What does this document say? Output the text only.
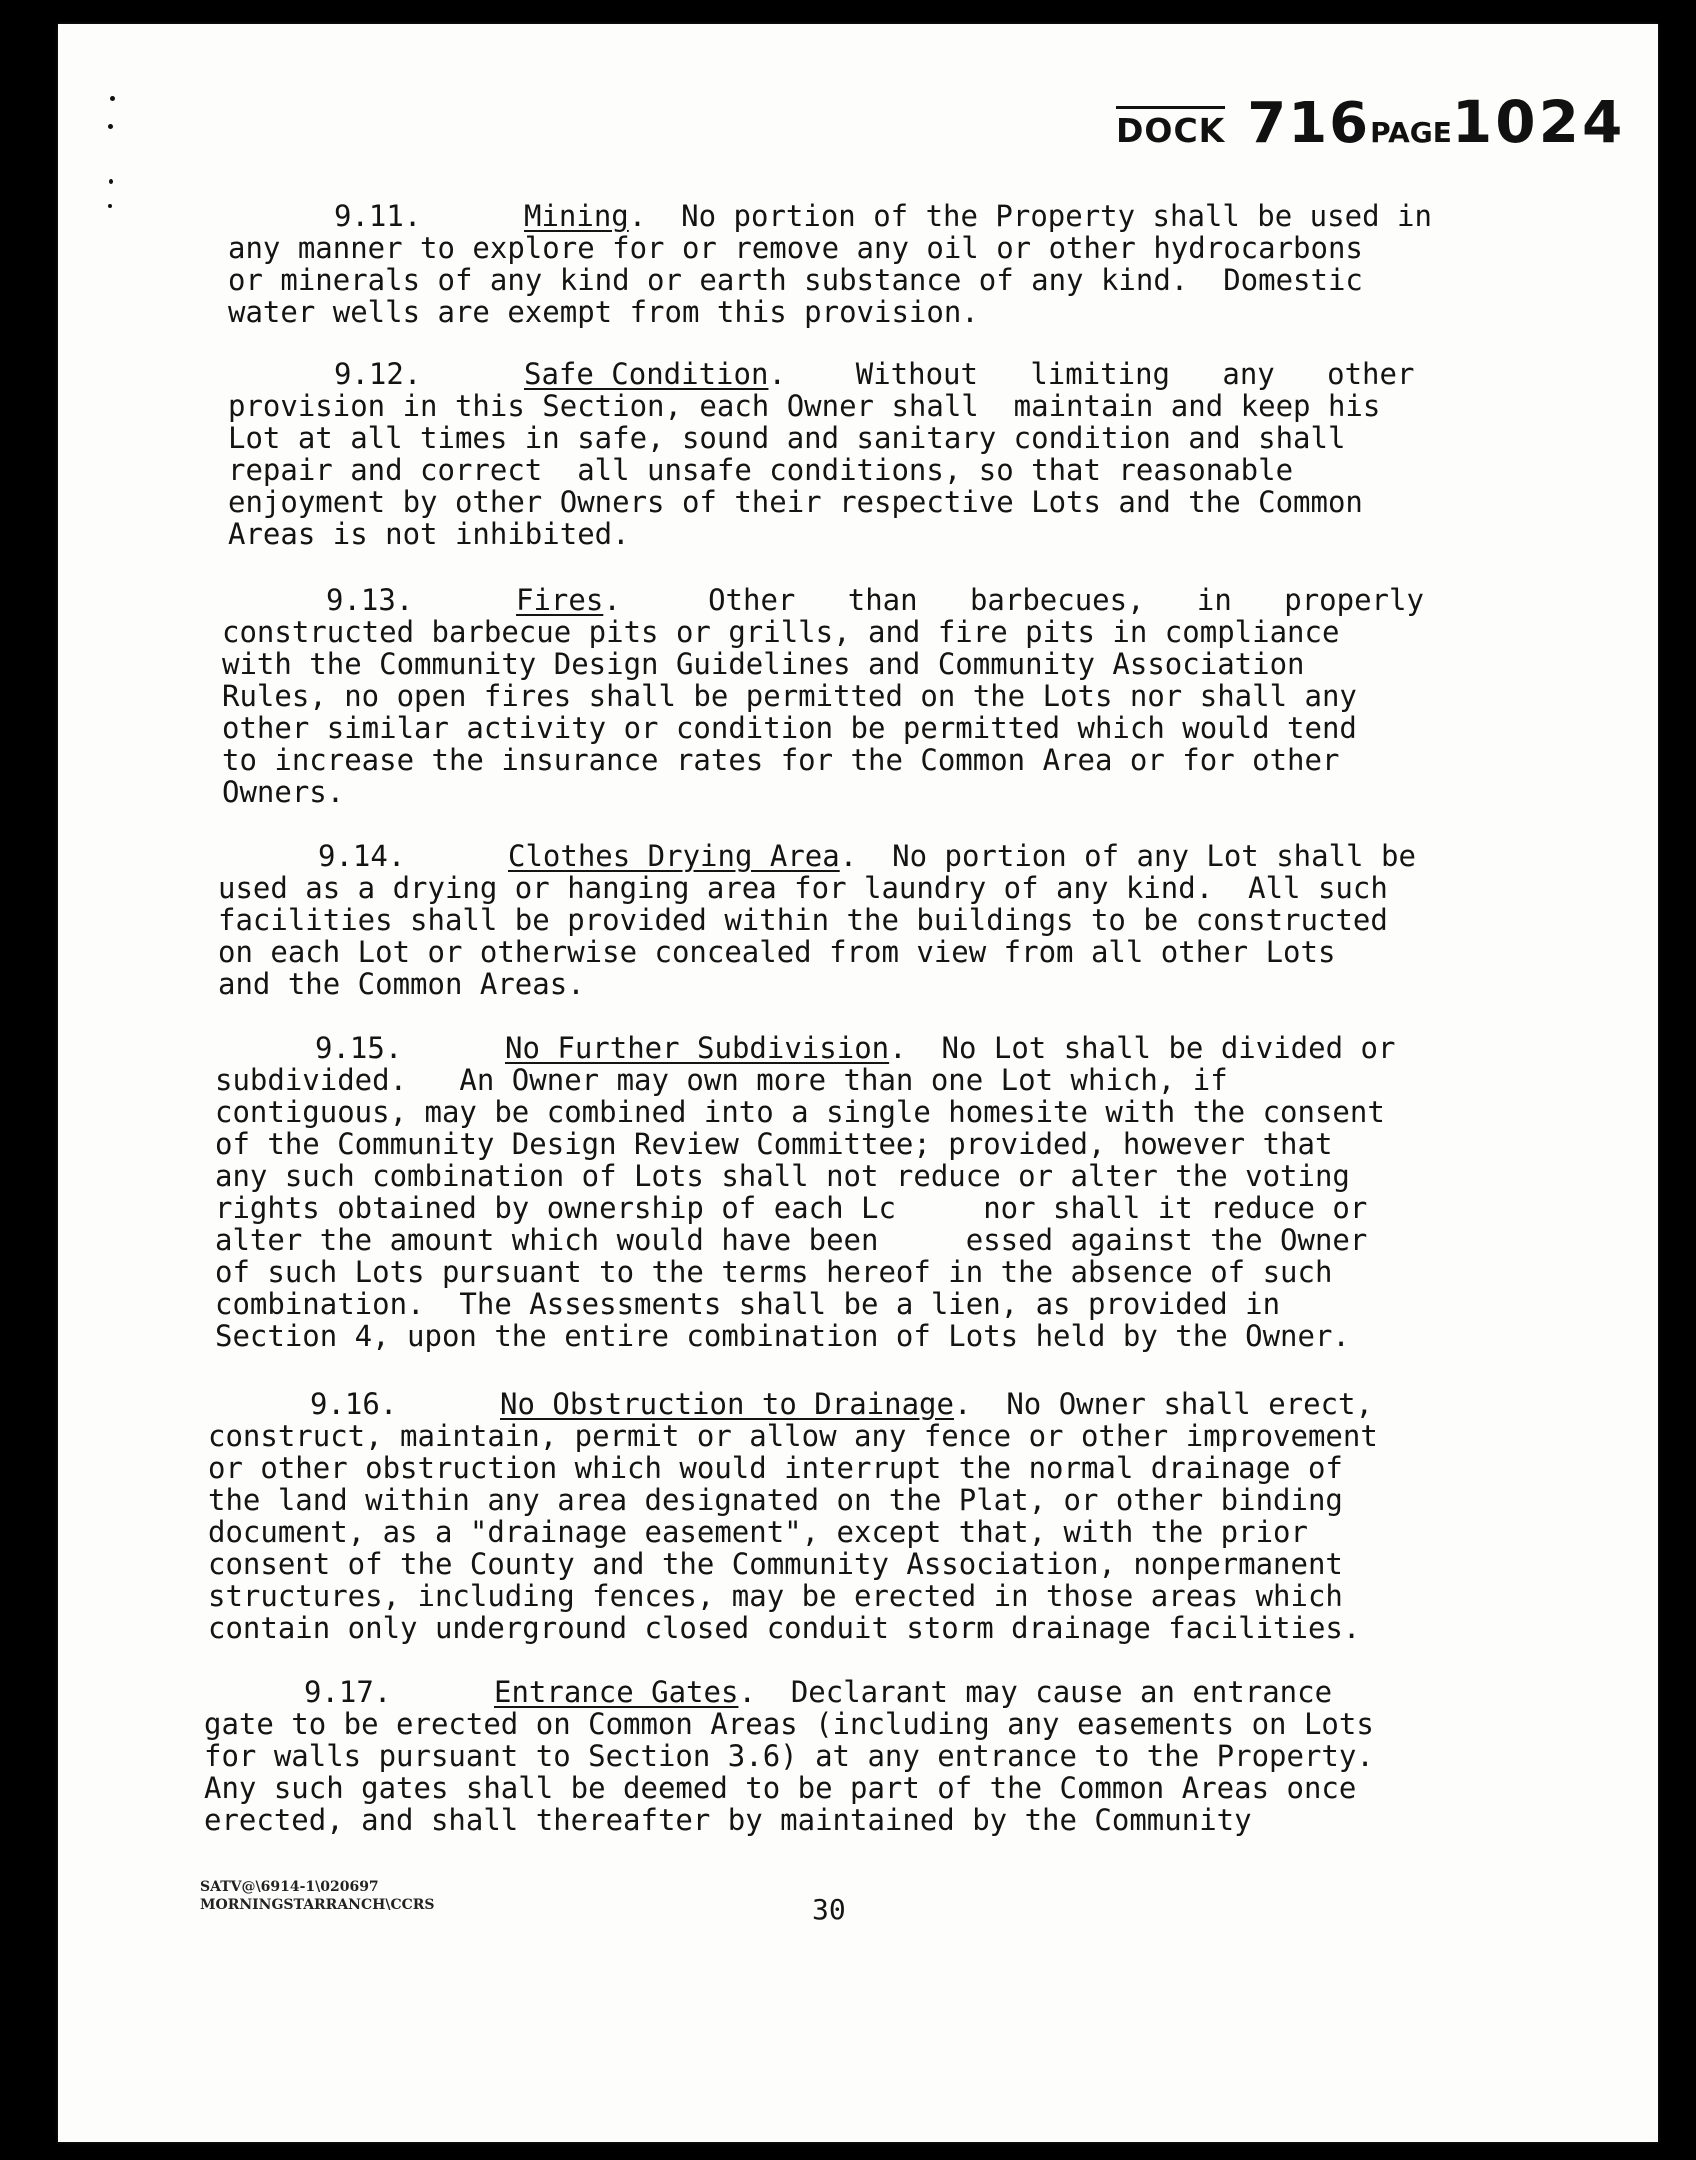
DOCK 716PAGE1024
9.11.	Mining.  No portion of the Property shall be used in
any manner to explore for or remove any oil or other hydrocarbons
or minerals of any kind or earth substance of any kind.  Domestic
water wells are exempt from this provision.
9.12.	Safe Condition.    Without   limiting   any   other
provision in this Section, each Owner shall  maintain and keep his
Lot at all times in safe, sound and sanitary condition and shall
repair and correct  all unsafe conditions, so that reasonable
enjoyment by other Owners of their respective Lots and the Common
Areas is not inhibited.
9.13.	Fires.     Other   than   barbecues,   in   properly
constructed barbecue pits or grills, and fire pits in compliance
with the Community Design Guidelines and Community Association
Rules, no open fires shall be permitted on the Lots nor shall any
other similar activity or condition be permitted which would tend
to increase the insurance rates for the Common Area or for other
Owners.
9.14.	Clothes Drying Area.  No portion of any Lot shall be
used as a drying or hanging area for laundry of any kind.  All such
facilities shall be provided within the buildings to be constructed
on each Lot or otherwise concealed from view from all other Lots
and the Common Areas.
9.15.	No Further Subdivision.  No Lot shall be divided or
subdivided.   An Owner may own more than one Lot which, if
contiguous, may be combined into a single homesite with the consent
of the Community Design Review Committee; provided, however that
any such combination of Lots shall not reduce or alter the voting
rights obtained by ownership of each Lc     nor shall it reduce or
alter the amount which would have been     essed against the Owner
of such Lots pursuant to the terms hereof in the absence of such
combination.  The Assessments shall be a lien, as provided in
Section 4, upon the entire combination of Lots held by the Owner.
9.16.	No Obstruction to Drainage.  No Owner shall erect,
construct, maintain, permit or allow any fence or other improvement
or other obstruction which would interrupt the normal drainage of
the land within any area designated on the Plat, or other binding
document, as a "drainage easement", except that, with the prior
consent of the County and the Community Association, nonpermanent
structures, including fences, may be erected in those areas which
contain only underground closed conduit storm drainage facilities.
9.17.	Entrance Gates.  Declarant may cause an entrance
gate to be erected on Common Areas (including any easements on Lots
for walls pursuant to Section 3.6) at any entrance to the Property.
Any such gates shall be deemed to be part of the Common Areas once
erected, and shall thereafter by maintained by the Community
SATV@\6914-1\020697
MORNINGSTARRANCH\CCRS	30
